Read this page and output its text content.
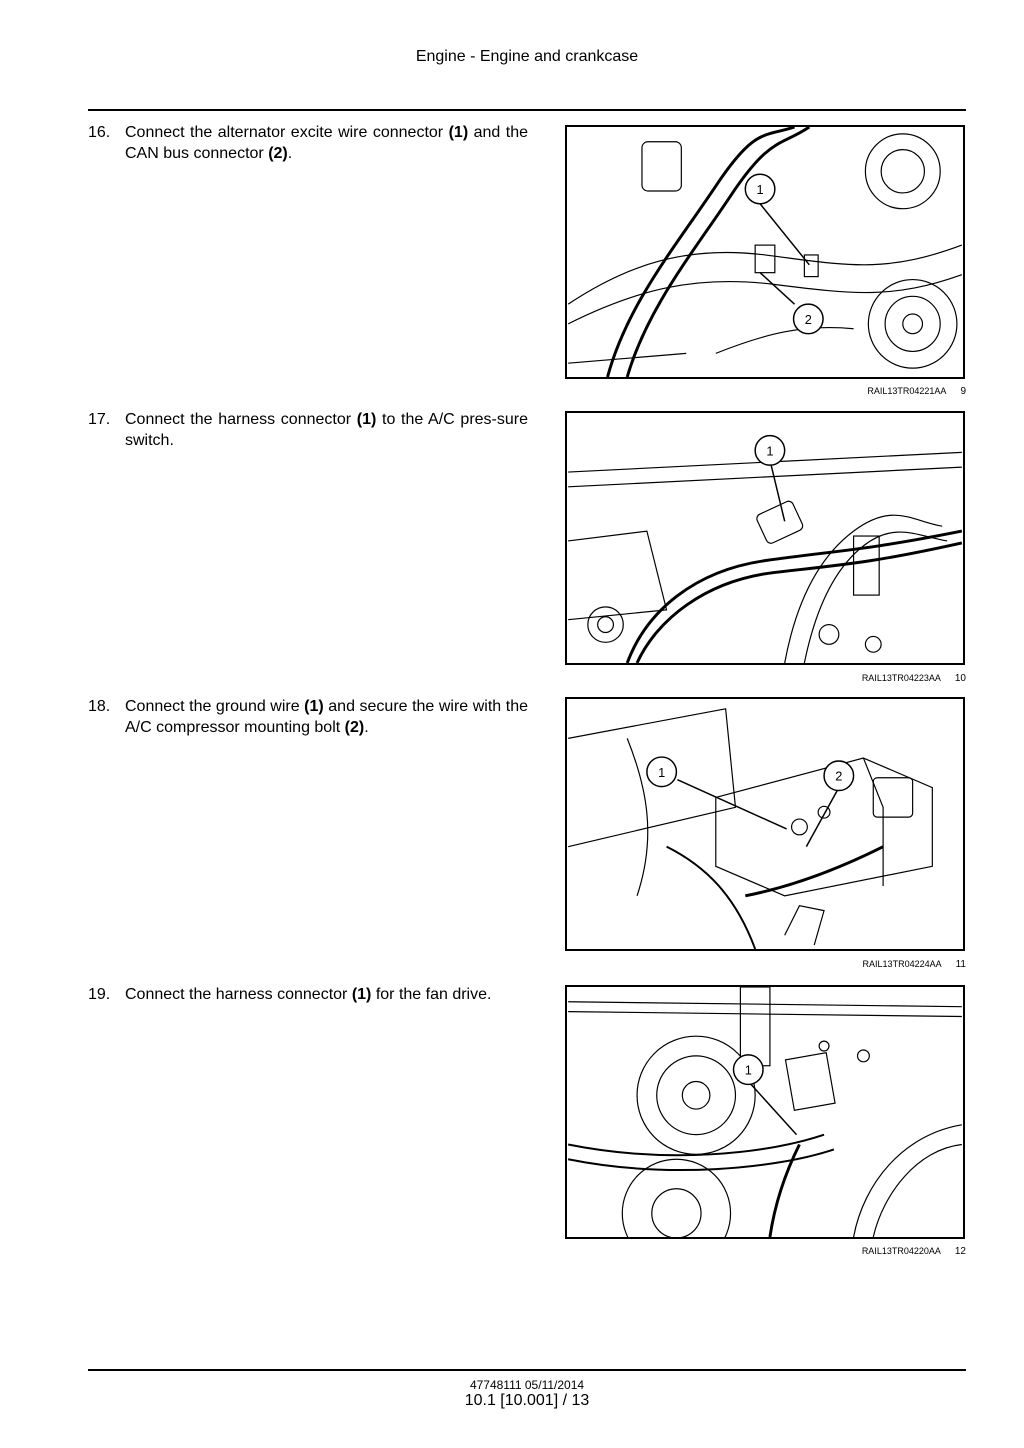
Engine - Engine and crankcase
16. Connect the alternator excite wire connector (1) and the CAN bus connector (2).
1
2
RAIL13TR04221AA 9
17. Connect the harness connector (1) to the A/C pres-sure switch.
1
RAIL13TR04223AA 10
18. Connect the ground wire (1) and secure the wire with the A/C compressor mounting bolt (2).
1	2
RAIL13TR04224AA 11
19. Connect the harness connector (1) for the fan drive.
1
RAIL13TR04220AA 12
47748111 05/11/2014
10.1 [10.001] / 13
